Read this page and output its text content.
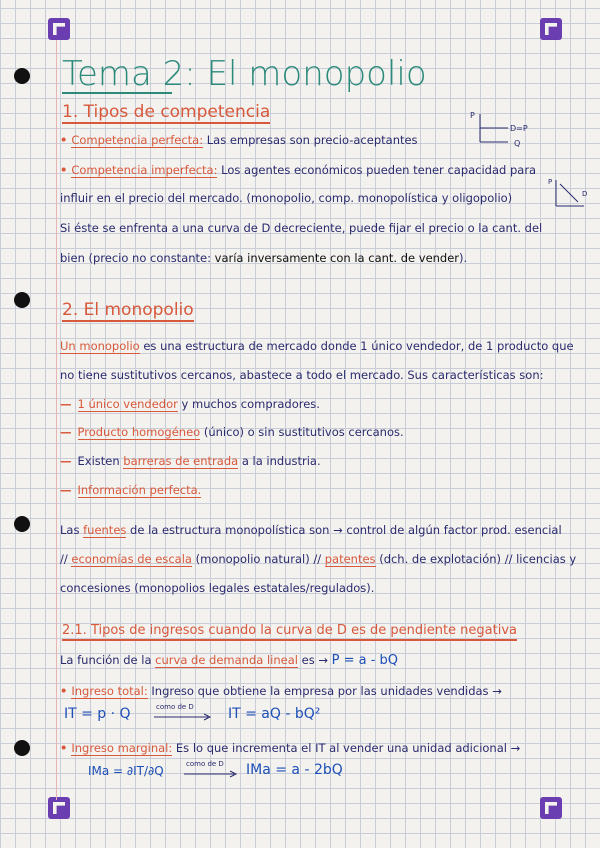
Tema 2: El monopolio
1. Tipos de competencia	P
D=P
Q
• Competencia perfecta: Las empresas son precio-aceptantes
• Competencia imperfecta: Los agentes económicos pueden tener capacidad para
influir en el precio del mercado. (monopolio, comp. monopolística y oligopolio)
P
D
Si éste se enfrenta a una curva de D decreciente, puede fijar el precio o la cant. del
bien (precio no constante: varía inversamente con la cant. de vender).
2. El monopolio
Un monopolio es una estructura de mercado donde 1 único vendedor, de 1 producto que
no tiene sustitutivos cercanos, abastece a todo el mercado. Sus características son:
— 1 único vendedor y muchos compradores.
— Producto homogéneo (único) o sin sustitutivos cercanos.
— Existen barreras de entrada a la industria.
— Información perfecta.
Las fuentes de la estructura monopolística son → control de algún factor prod. esencial
// economías de escala (monopolio natural) // patentes (dch. de explotación) // licencias y
concesiones (monopolios legales estatales/regulados).
2.1. Tipos de ingresos cuando la curva de D es de pendiente negativa
La función de la curva de demanda lineal es → P = a - bQ
• Ingreso total: Ingreso que obtiene la empresa por las unidades vendidas →
IT = p · Q	como de D IT = aQ - bQ²
• Ingreso marginal: Es lo que incrementa el IT al vender una unidad adicional →
IMa = ∂IT/∂Q	como de D IMa = a - 2bQ
